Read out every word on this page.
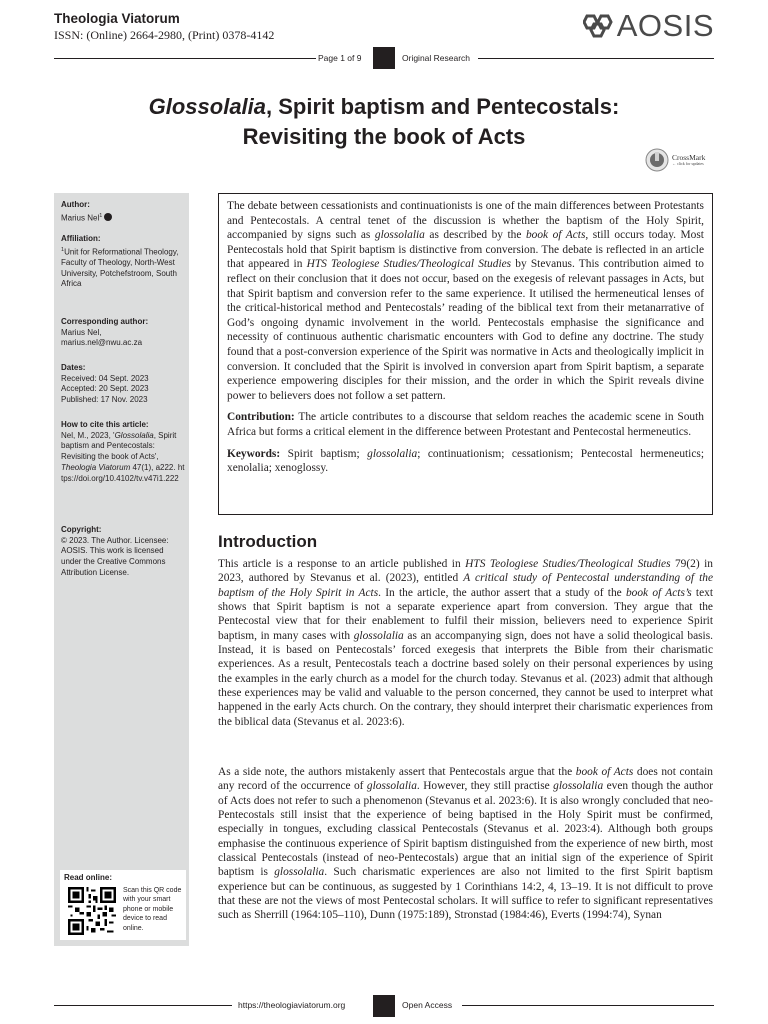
Theologia Viatorum
ISSN: (Online) 2664-2980, (Print) 0378-4142	AOSIS
Page 1 of 9	Original Research
Glossolalia, Spirit baptism and Pentecostals:
Revisiting the book of Acts
CrossMark
← click for updates
Author:
Marius Nel$^1$
Affiliation:
$^1$Unit for Reformational Theology, Faculty of Theology, North-West University, Potchefstroom, South Africa
Corresponding author:
Marius Nel,
marius.nel@nwu.ac.za
Dates:
Received: 04 Sept. 2023
Accepted: 20 Sept. 2023
Published: 17 Nov. 2023
How to cite this article:
Nel, M., 2023, 'Glossolalia, Spirit baptism and Pentecostals: Revisiting the book of Acts', Theologia Viatorum 47(1), a222. https://doi.org/10.4102/tv.v47i1.222
Copyright:
© 2023. The Author. Licensee: AOSIS. This work is licensed under the Creative Commons Attribution License.
Read online:
Scan this QR code with your smart phone or mobile device to read online.

The debate between cessationists and continuationists is one of the main differences between Protestants and Pentecostals. A central tenet of the discussion is whether the baptism of the Holy Spirit, accompanied by signs such as glossolalia as described by the book of Acts, still occurs today. Most Pentecostals hold that Spirit baptism is distinctive from conversion. The debate is reflected in an article that appeared in HTS Teologiese Studies/Theological Studies by Stevanus. This contribution aimed to reflect on their conclusion that it does not occur, based on the exegesis of relevant passages in Acts, but that Spirit baptism and conversion refer to the same experience. It utilised the hermeneutical lenses of the critical-historical method and Pentecostals’ reading of the biblical text from their metanarrative of God’s ongoing dynamic involvement in the world. Pentecostals emphasise the significance and necessity of continuous authentic charismatic encounters with God to define any doctrine. The study found that a post-conversion experience of the Spirit was normative in Acts and theologically implicit in conversion. It concluded that the Spirit is involved in conversion apart from Spirit baptism, a separate experience empowering disciples for their mission, and the order in which the Spirit reveals divine power to believers does not follow a set pattern.

Contribution: The article contributes to a discourse that seldom reaches the academic scene in South Africa but forms a critical element in the difference between Protestant and Pentecostal hermeneutics.

Keywords: Spirit baptism; glossolalia; continuationism; cessationism; Pentecostal hermeneutics; xenolalia; xenoglossy.

Introduction

This article is a response to an article published in HTS Teologiese Studies/Theological Studies 79(2) in 2023, authored by Stevanus et al. (2023), entitled A critical study of Pentecostal understanding of the baptism of the Holy Spirit in Acts. In the article, the author assert that a study of the book of Acts’s text shows that Spirit baptism is not a separate experience apart from conversion. They argue that the Pentecostal view that for their enablement to fulfil their mission, believers need to experience Spirit baptism, in many cases with glossolalia as an accompanying sign, does not have a solid theological basis. Instead, it is based on Pentecostals’ forced exegesis that interprets the Bible from their charismatic experiences. As a result, Pentecostals teach a doctrine based solely on their personal experiences by using the examples in the early church as a model for the church today. Stevanus et al. (2023) admit that although these experiences may be valid and valuable to the person concerned, they cannot be used to interpret what happened in the early Acts church. On the contrary, they should interpret their charismatic experiences from the biblical data (Stevanus et al. 2023:6).

As a side note, the authors mistakenly assert that Pentecostals argue that the book of Acts does not contain any record of the occurrence of glossolalia. However, they still practise glossolalia even though the author of Acts does not refer to such a phenomenon (Stevanus et al. 2023:6). It is also wrongly concluded that neo-Pentecostals still insist that the experience of being baptised in the Holy Spirit must be confirmed, especially in tongues, excluding classical Pentecostals (Stevanus et al. 2023:4). Although both groups emphasise the continuous experience of Spirit baptism distinguished from the experience of new birth, most classical Pentecostals (instead of neo-Pentecostals) argue that an initial sign of the experience of Spirit baptism is glossolalia. Such charismatic experiences are also not limited to the first Spirit baptism experience but can be continuous, as suggested by 1 Corinthians 14:2, 4, 13–19. It is not difficult to prove that these are not the views of most Pentecostal scholars. It will suffice to refer to significant representatives such as Sherrill (1964:105–110), Dunn (1975:189), Stronstad (1984:46), Everts (1994:74), Synan

https://theologiaviatorum.org	Open Access
